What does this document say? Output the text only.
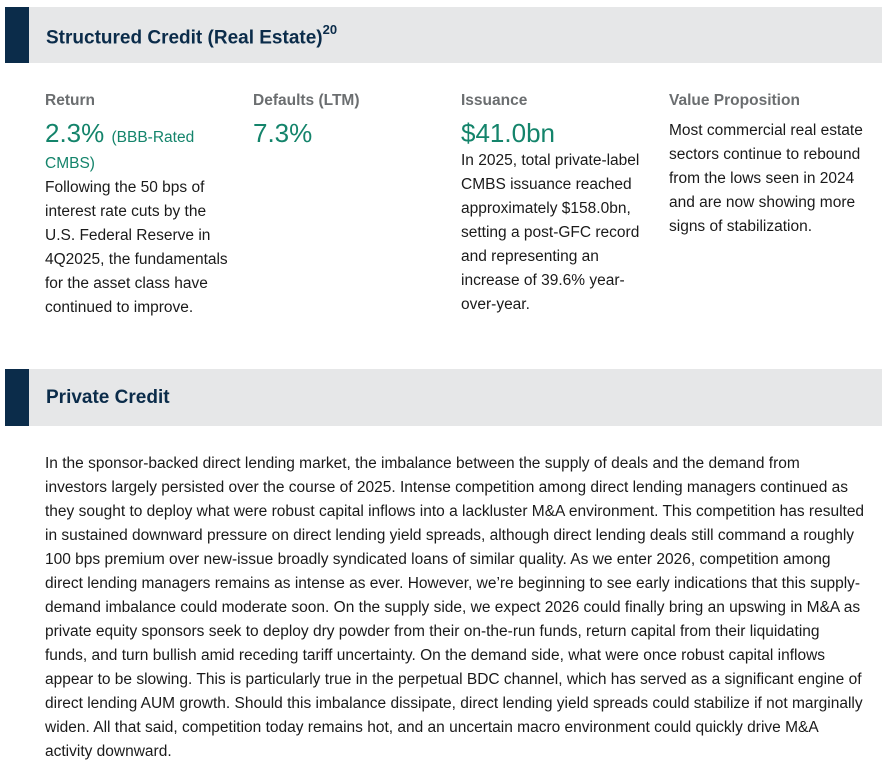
Structured Credit (Real Estate)$^{20}$
Return
2.3% (BBB-Rated
CMBS)
Following the 50 bps of interest rate cuts by the U.S. Federal Reserve in 4Q2025, the fundamentals for the asset class have continued to improve.
Defaults (LTM)
7.3%
Issuance
$41.0bn
In 2025, total private-label CMBS issuance reached approximately $158.0bn, setting a post-GFC record and representing an increase of 39.6% year-over-year.
Value Proposition
Most commercial real estate sectors continue to rebound from the lows seen in 2024 and are now showing more signs of stabilization.
Private Credit
In the sponsor-backed direct lending market, the imbalance between the supply of deals and the demand from investors largely persisted over the course of 2025. Intense competition among direct lending managers continued as they sought to deploy what were robust capital inflows into a lackluster M&A environment. This competition has resulted in sustained downward pressure on direct lending yield spreads, although direct lending deals still command a roughly 100 bps premium over new-issue broadly syndicated loans of similar quality. As we enter 2026, competition among direct lending managers remains as intense as ever. However, we’re beginning to see early indications that this supply-demand imbalance could moderate soon. On the supply side, we expect 2026 could finally bring an upswing in M&A as private equity sponsors seek to deploy dry powder from their on-the-run funds, return capital from their liquidating funds, and turn bullish amid receding tariff uncertainty. On the demand side, what were once robust capital inflows appear to be slowing. This is particularly true in the perpetual BDC channel, which has served as a significant engine of direct lending AUM growth. Should this imbalance dissipate, direct lending yield spreads could stabilize if not marginally widen. All that said, competition today remains hot, and an uncertain macro environment could quickly drive M&A activity downward.
